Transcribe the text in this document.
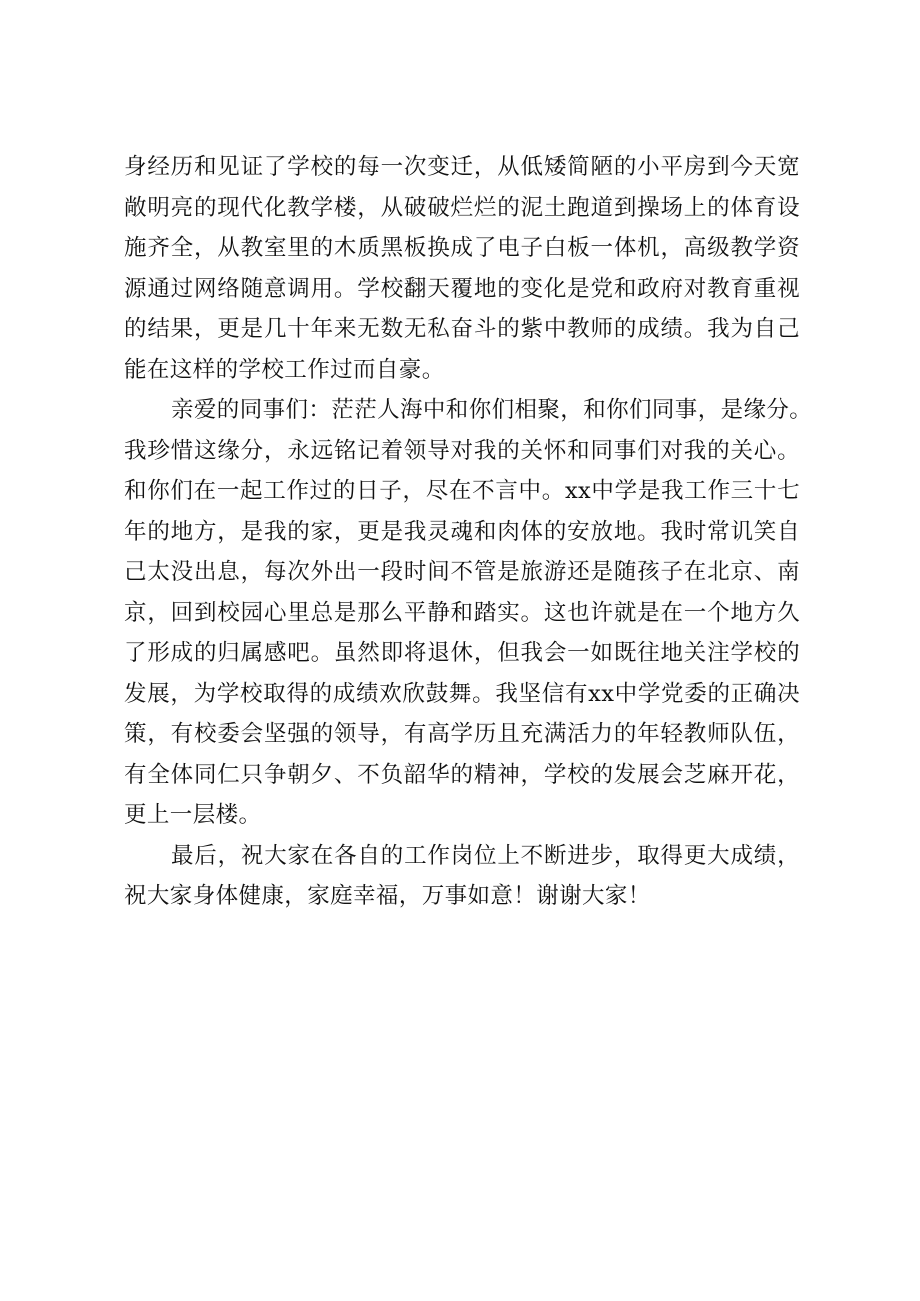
身经历和见证了学校的每一次变迁，从低矮简陋的小平房到今天宽
敞明亮的现代化教学楼，从破破烂烂的泥土跑道到操场上的体育设
施齐全，从教室里的木质黑板换成了电子白板一体机，高级教学资
源通过网络随意调用。学校翻天覆地的变化是党和政府对教育重视
的结果，更是几十年来无数无私奋斗的紫中教师的成绩。我为自己
能在这样的学校工作过而自豪。
亲爱的同事们：茫茫人海中和你们相聚，和你们同事，是缘分。
我珍惜这缘分，永远铭记着领导对我的关怀和同事们对我的关心。
和你们在一起工作过的日子，尽在不言中。xx中学是我工作三十七
年的地方，是我的家，更是我灵魂和肉体的安放地。我时常讥笑自
己太没出息，每次外出一段时间不管是旅游还是随孩子在北京、南
京，回到校园心里总是那么平静和踏实。这也许就是在一个地方久
了形成的归属感吧。虽然即将退休，但我会一如既往地关注学校的
发展，为学校取得的成绩欢欣鼓舞。我坚信有xx中学党委的正确决
策，有校委会坚强的领导，有高学历且充满活力的年轻教师队伍，
有全体同仁只争朝夕、不负韶华的精神，学校的发展会芝麻开花，
更上一层楼。
最后，祝大家在各自的工作岗位上不断进步，取得更大成绩，
祝大家身体健康，家庭幸福，万事如意！谢谢大家！
